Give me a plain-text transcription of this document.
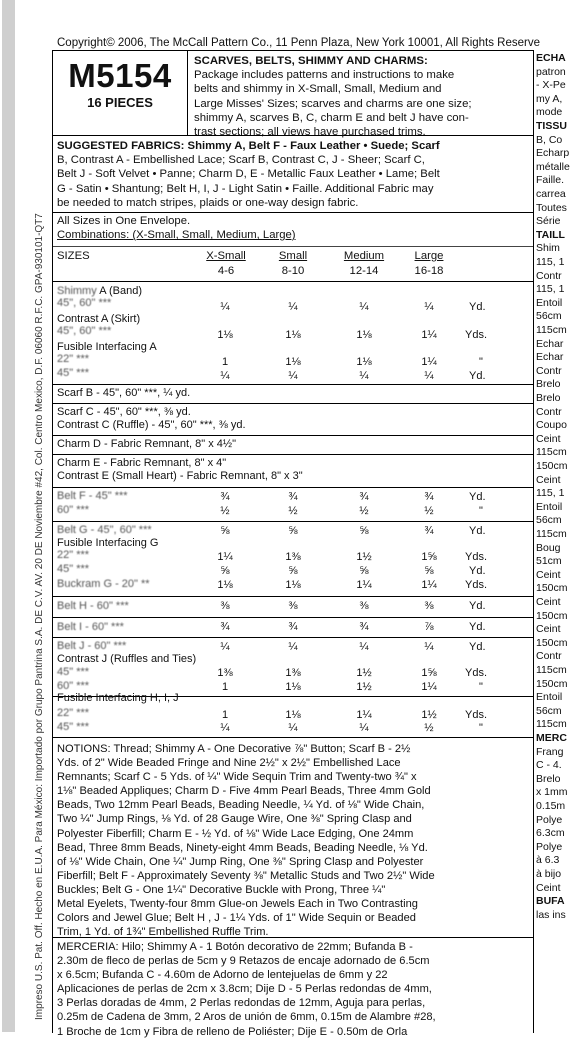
Impreso U.S. Pat. Off. Hecho en E.U.A. Para México: Importado por Grupo Pantrina S.A. DE C.V. AV. 20 DE Noviembre #42, Col. Centro Mexico, D.F. 06060 R.F.C. GPA-930101-QT7
Copyright© 2006, The McCall Pattern Co., 11 Penn Plaza, New York 10001, All Rights Reserve
M5154
16 PIECES
SCARVES, BELTS, SHIMMY AND CHARMS:
Package includes patterns and instructions to make
belts and shimmy in X-Small, Small, Medium and
Large Misses' Sizes; scarves and charms are one size;
shimmy A, scarves B, C, charm E and belt J have con-
trast sections; all views have purchased trims.
SUGGESTED FABRICS: Shimmy A, Belt F - Faux Leather • Suede; Scarf
B, Contrast A - Embellished Lace; Scarf B, Contrast C, J - Sheer; Scarf C,
Belt J - Soft Velvet • Panne; Charm D, E - Metallic Faux Leather • Lame; Belt
G - Satin • Shantung; Belt H, I, J - Light Satin • Faille. Additional Fabric may
be needed to match stripes, plaids or one-way design fabric.
All Sizes in One Envelope.
Combinations: (X-Small, Small, Medium, Large)
SIZES	X-Small	Small	Medium	Large
4-6	8-10	12-14	16-18
Shimmy A (Band)
45", 60" ***	¼	¼	¼	¼	Yd.
Contrast A (Skirt)
45", 60" ***	1⅛	1⅛	1⅛	1¼	Yds.
Fusible Interfacing A
22" ***	1	1⅛	1⅛	1¼	"
45" ***	¼	¼	¼	¼	Yd.
Scarf B - 45", 60" ***, ¼ yd.
Scarf C - 45", 60" ***, ⅜ yd.
Contrast C (Ruffle) - 45", 60" ***, ⅜ yd.
Charm D - Fabric Remnant, 8" x 4½"
Charm E - Fabric Remnant, 8" x 4"
Contrast E (Small Heart) - Fabric Remnant, 8" x 3"
Belt F - 45" ***	¾	¾	¾	¾	Yd.
60" ***	½	½	½	½	"
Belt G - 45", 60" ***	⅝	⅝	⅝	¾	Yd.
Fusible Interfacing G
22" ***	1¼	1⅜	1½	1⅝	Yds.
45" ***	⅝	⅝	⅝	⅝	Yd.
Buckram G - 20" **	1⅛	1⅛	1¼	1¼	Yds.
Belt H - 60" ***	⅜	⅜	⅜	⅜	Yd.
Belt I - 60" ***	¾	¾	¾	⅞	Yd.
Belt J - 60" ***	¼	¼	¼	¼	Yd.
Contrast J (Ruffles and Ties)
45" ***	1⅜	1⅜	1½	1⅝	Yds.
60" ***	1	1⅛	1½	1¼	"
Fusible Interfacing H, I, J
22" ***	1	1⅛	1¼	1½	Yds.
45" ***	¼	¼	¼	½	"
NOTIONS: Thread; Shimmy A - One Decorative ⅞" Button; Scarf B - 2½
Yds. of 2" Wide Beaded Fringe and Nine 2½" x 2½" Embellished Lace
Remnants; Scarf C - 5 Yds. of ¼" Wide Sequin Trim and Twenty-two ¾" x
1⅛" Beaded Appliques; Charm D - Five 4mm Pearl Beads, Three 4mm Gold
Beads, Two 12mm Pearl Beads, Beading Needle, ¼ Yd. of ⅛" Wide Chain,
Two ¼" Jump Rings, ⅛ Yd. of 28 Gauge Wire, One ⅜" Spring Clasp and
Polyester Fiberfill; Charm E - ½ Yd. of ⅛" Wide Lace Edging, One 24mm
Bead, Three 8mm Beads, Ninety-eight 4mm Beads, Beading Needle, ⅛ Yd.
of ⅛" Wide Chain, One ¼" Jump Ring, One ⅜" Spring Clasp and Polyester
Fiberfill; Belt F - Approximately Seventy ⅜" Metallic Studs and Two 2½" Wide
Buckles; Belt G - One 1¼" Decorative Buckle with Prong, Three ¼"
Metal Eyelets, Twenty-four 8mm Glue-on Jewels Each in Two Contrasting
Colors and Jewel Glue; Belt H , J - 1¼ Yds. of 1" Wide Sequin or Beaded
Trim, 1 Yd. of 1¾" Embellished Ruffle Trim.
MERCERIA: Hilo; Shimmy A - 1 Botón decorativo de 22mm; Bufanda B -
2.30m de fleco de perlas de 5cm y 9 Retazos de encaje adornado de 6.5cm
x 6.5cm; Bufanda C - 4.60m de Adorno de lentejuelas de 6mm y 22
Aplicaciones de perlas de 2cm x 3.8cm; Dije D - 5 Perlas redondas de 4mm,
3 Perlas doradas de 4mm, 2 Perlas redondas de 12mm, Aguja para perlas,
0.25m de Cadena de 3mm, 2 Aros de unión de 6mm, 0.15m de Alambre #28,
1 Broche de 1cm y Fibra de relleno de Poliéster; Dije E - 0.50m de Orla
ECHA
patron
- X-Pe
my A,
mode
TISSU
B, Co
Echarp
métalle
Faille.
carrea
Toutes
Série
TAILL
Shim
115, 1
Contr
115, 1
Entoil
56cm
115cm
Echar
Echar
Contr
Brelo
Brelo
Contr
Coupo
Ceint
115cm
150cm
Ceint
115, 1
Entoil
56cm
115cm
Boug
51cm
Ceint
150cm
Ceint
150cm
Ceint
150cm
Contr
115cm
150cm
Entoil
56cm
115cm
MERC
Frang
C - 4.
Brelo
x 1mm
0.15m
Polye
6.3cm
Polye
à 6.3
à bijo
Ceint
BUFA
las ins
